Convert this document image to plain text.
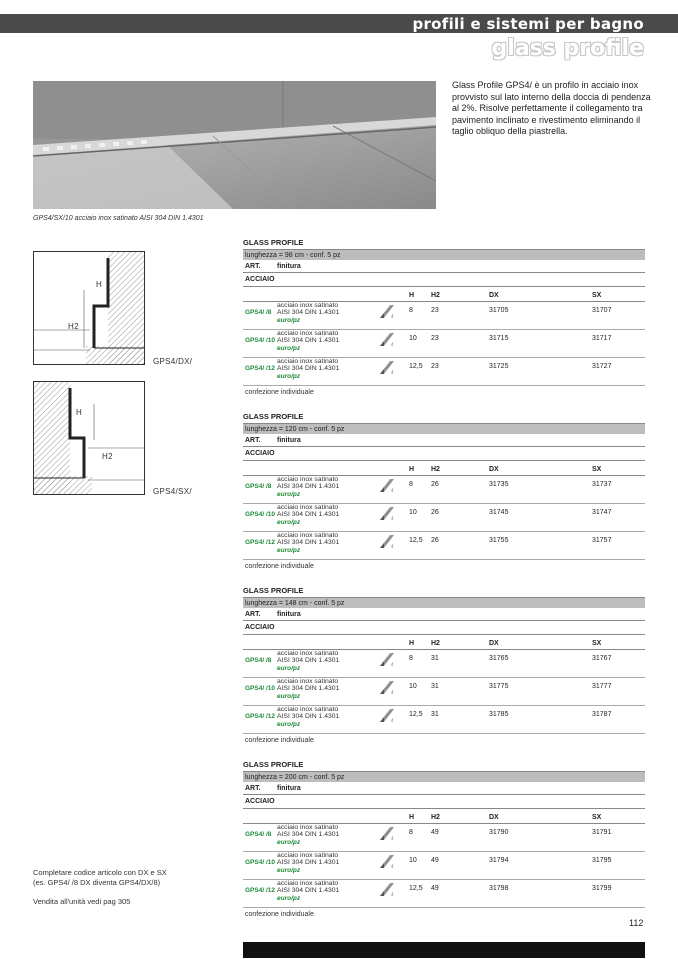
profili e sistemi per bagno
glass profile
GPS4/SX/10 acciaio inox satinato AISI 304 DIN 1.4301
Glass Profile GPS4/ è un profilo in acciaio inox provvisto sul lato interno della doccia di pendenza al 2%. Risolve perfettamente il collegamento tra pavimento inclinato e rivestimento eliminando il taglio obliquo della piastrella.
H
H2
GPS4/DX/
H
H2
GPS4/SX/
Completare codice articolo con DX e SX
(es. GPS4/ /8 DX diventa GPS4/DX/8)
Vendita all'unità vedi pag 305
GLASS PROFILE
lunghezza = 98 cm - conf. 5 pz
ART. finitura
ACCIAIO
H H2	DX	SX
GPS4/ /8
acciaio inox satinato
AISI 304 DIN 1.4301
euro/pz
4
8	23	31705	31707
GPS4/ /10
acciaio inox satinato
AISI 304 DIN 1.4301
euro/pz
4
10 23	31715	31717
GPS4/ /12
acciaio inox satinato
AISI 304 DIN 1.4301
euro/pz
4
12,5 23	31725	31727
confezione individuale
GLASS PROFILE
lunghezza = 120 cm - conf. 5 pz
ART. finitura
ACCIAIO
H H2	DX	SX
GPS4/ /8
acciaio inox satinato
AISI 304 DIN 1.4301
euro/pz
4
8	26	31735	31737
GPS4/ /10
acciaio inox satinato
AISI 304 DIN 1.4301
euro/pz
4
10 26	31745	31747
GPS4/ /12
acciaio inox satinato
AISI 304 DIN 1.4301
euro/pz
4
12,5 26	31755	31757
confezione individuale
GLASS PROFILE
lunghezza = 148 cm - conf. 5 pz
ART. finitura
ACCIAIO
H H2	DX	SX
GPS4/ /8
acciaio inox satinato
AISI 304 DIN 1.4301
euro/pz
4
8	31	31765	31767
GPS4/ /10
acciaio inox satinato
AISI 304 DIN 1.4301
euro/pz
4
10 31	31775	31777
GPS4/ /12
acciaio inox satinato
AISI 304 DIN 1.4301
euro/pz
4
12,5 31	31785	31787
confezione individuale
GLASS PROFILE
lunghezza = 200 cm - conf. 5 pz
ART. finitura
ACCIAIO
H H2	DX	SX
GPS4/ /8
acciaio inox satinato
AISI 304 DIN 1.4301
euro/pz
4
8	49	31790	31791
GPS4/ /10
acciaio inox satinato
AISI 304 DIN 1.4301
euro/pz
4
10 49	31794	31795
GPS4/ /12
acciaio inox satinato
AISI 304 DIN 1.4301
euro/pz
4
12,5 49	31798	31799
confezione individuale
112
